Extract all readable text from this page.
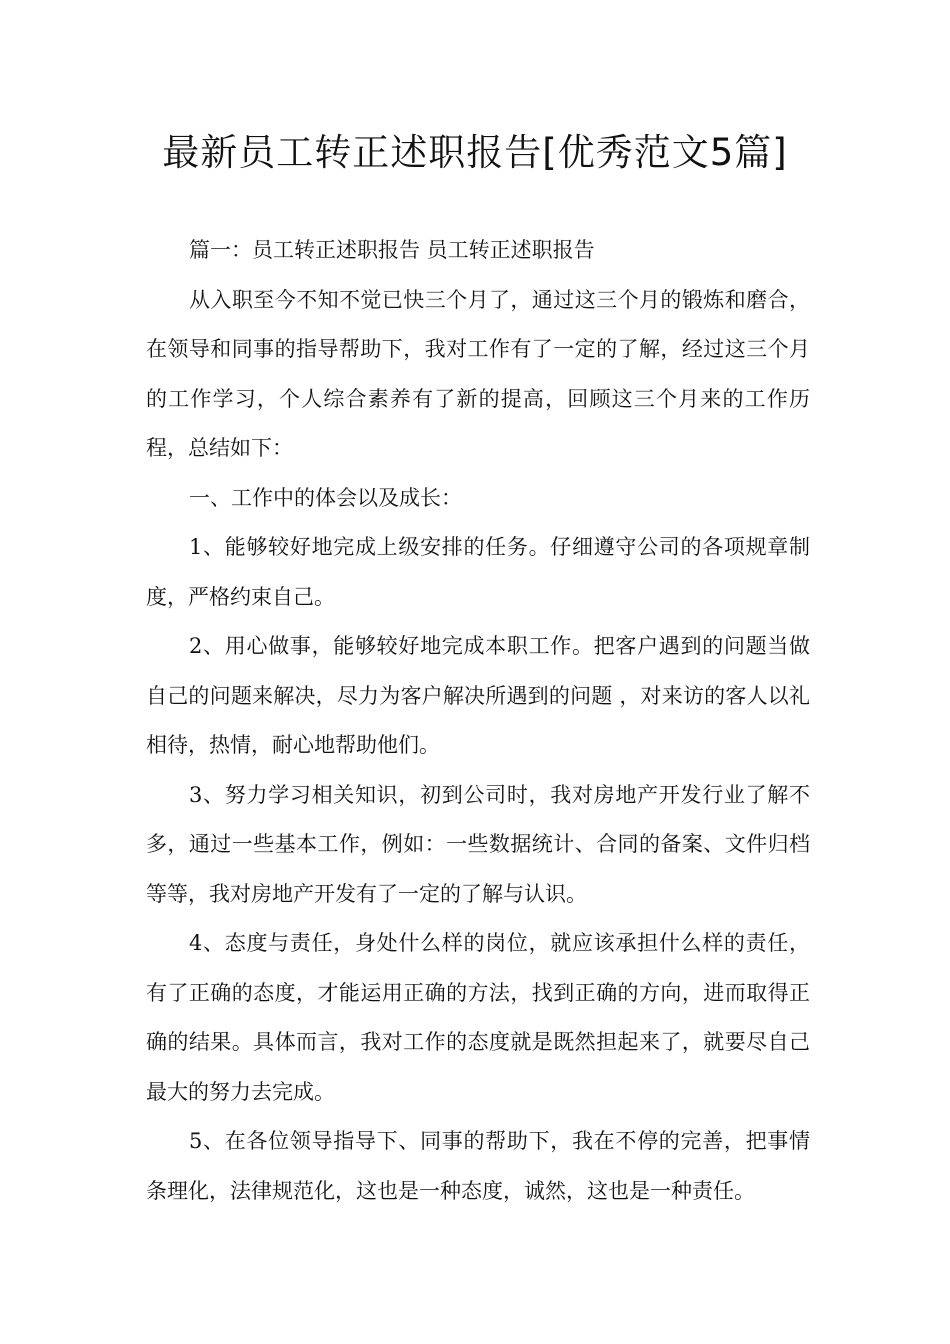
最新员工转正述职报告[优秀范文5篇]

篇一：员工转正述职报告 员工转正述职报告

从入职至今不知不觉已快三个月了，通过这三个月的锻炼和磨合，在领导和同事的指导帮助下，我对工作有了一定的了解，经过这三个月的工作学习，个人综合素养有了新的提高，回顾这三个月来的工作历程，总结如下：

一、工作中的体会以及成长：

1、能够较好地完成上级安排的任务。仔细遵守公司的各项规章制度，严格约束自己。

2、用心做事，能够较好地完成本职工作。把客户遇到的问题当做自己的问题来解决，尽力为客户解决所遇到的问题 ，对来访的客人以礼相待，热情，耐心地帮助他们。

3、努力学习相关知识，初到公司时，我对房地产开发行业了解不多，通过一些基本工作，例如：一些数据统计、合同的备案、文件归档等等，我对房地产开发有了一定的了解与认识。

4、态度与责任，身处什么样的岗位，就应该承担什么样的责任，有了正确的态度，才能运用正确的方法，找到正确的方向，进而取得正确的结果。具体而言，我对工作的态度就是既然担起来了，就要尽自己最大的努力去完成。

5、在各位领导指导下、同事的帮助下，我在不停的完善，把事情条理化，法律规范化，这也是一种态度，诚然，这也是一种责任。
